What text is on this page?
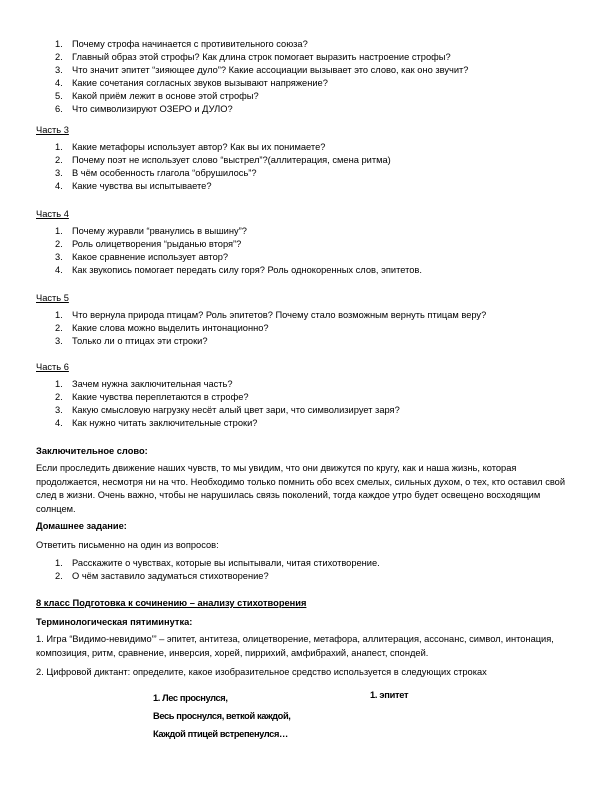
1. Почему строфа начинается с противительного союза?
2. Главный образ этой строфы? Как длина строк помогает выразить настроение строфы?
3. Что значит эпитет “зияющее дуло”? Какие ассоциации вызывает это слово, как оно звучит?
4. Какие сочетания согласных звуков вызывают напряжение?
5. Какой приём лежит в основе этой строфы?
6. Что символизируют ОЗЕРО и ДУЛО?
Часть 3
1. Какие метафоры использует автор? Как вы их понимаете?
2. Почему поэт не использует слово “выстрел”?(аллитерация, смена ритма)
3. В чём особенность глагола “обрушилось”?
4. Какие чувства вы испытываете?
Часть 4
1. Почему журавли “рванулись в вышину”?
2. Роль олицетворения “рыданью вторя”?
3. Какое сравнение использует автор?
4. Как звукопись помогает передать силу горя? Роль однокоренных слов, эпитетов.
Часть 5
1. Что вернула природа птицам? Роль эпитетов? Почему стало возможным вернуть птицам веру?
2. Какие слова можно выделить интонационно?
3. Только ли о птицах эти строки?
Часть 6
1. Зачем нужна заключительная часть?
2. Какие чувства переплетаются в строфе?
3. Какую смысловую нагрузку несёт алый цвет зари, что символизирует заря?
4. Как нужно читать заключительные строки?
Заключительное слово:
Если проследить движение наших чувств, то мы увидим, что они движутся по кругу, как и наша жизнь, которая продолжается, несмотря ни на что. Необходимо только помнить обо всех смелых, сильных духом, о тех, кто оставил свой след в жизни. Очень важно, чтобы не нарушилась связь поколений, тогда каждое утро будет освещено восходящим солнцем.
Домашнее задание:
Ответить письменно на один из вопросов:
1. Расскажите о чувствах, которые вы испытывали, читая стихотворение.
2. О чём заставило задуматься стихотворение?
8 класс Подготовка к сочинению – анализу стихотворения
Терминологическая пятиминутка:
1. Игра “Видимо-невидимо”’ – эпитет, антитеза, олицетворение, метафора, аллитерация, ассонанс, символ, интонация, композиция, ритм, сравнение, инверсия, хорей, пиррихий, амфибрахий, анапест, спондей.
2. Цифровой диктант: определите, какое изобразительное средство используется в следующих строках
1. Лес проснулся,
Весь проснулся, веткой каждой,
Каждой птицей встрепенулся…
1. эпитет
